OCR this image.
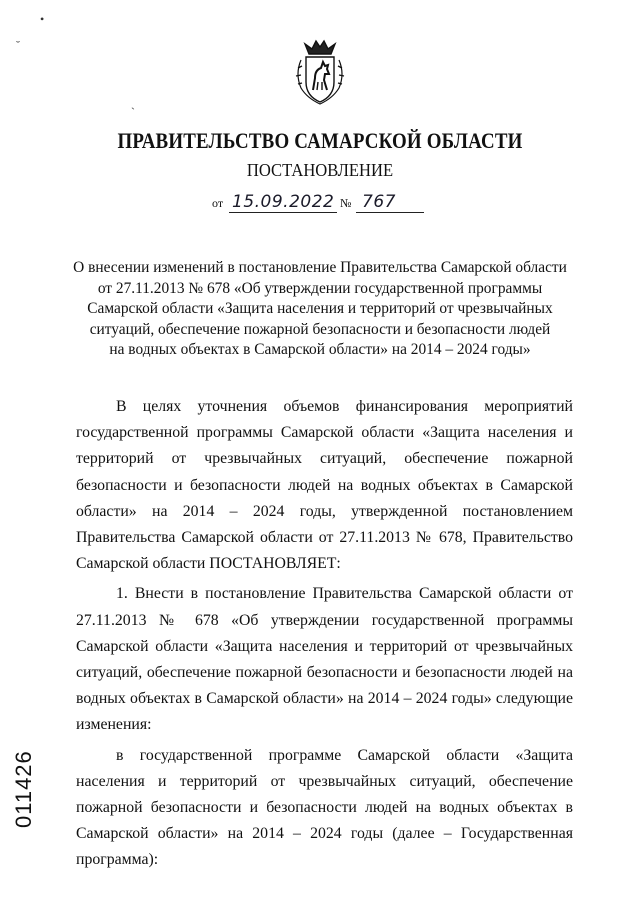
•
˘
ˎ
ПРАВИТЕЛЬСТВО САМАРСКОЙ ОБЛАСТИ
ПОСТАНОВЛЕНИЕ
от 15.09.2022 № 767
О внесении изменений в постановление Правительства Самарской области
от 27.11.2013 № 678 «Об утверждении государственной программы
Самарской области «Защита населения и территорий от чрезвычайных
ситуаций, обеспечение пожарной безопасности и безопасности людей
на водных объектах в Самарской области» на 2014 – 2024 годы»

В целях уточнения объемов финансирования мероприятий государственной программы Самарской области «Защита населения и территорий от чрезвычайных ситуаций, обеспечение пожарной безопасности и безопасности людей на водных объектах в Самарской области» на 2014 – 2024 годы, утвержденной постановлением Правительства Самарской области от 27.11.2013 № 678, Правительство Самарской области ПОСТАНОВЛЯЕТ:

1. Внести в постановление Правительства Самарской области от 27.11.2013 № 678 «Об утверждении государственной программы Самарской области «Защита населения и территорий от чрезвычайных ситуаций, обеспечение пожарной безопасности и безопасности людей на водных объектах в Самарской области» на 2014 – 2024 годы» следующие изменения:

в государственной программе Самарской области «Защита населения и территорий от чрезвычайных ситуаций, обеспечение пожарной безопасности и безопасности людей на водных объектах в Самарской области» на 2014 – 2024 годы (далее – Государственная программа):

011426
